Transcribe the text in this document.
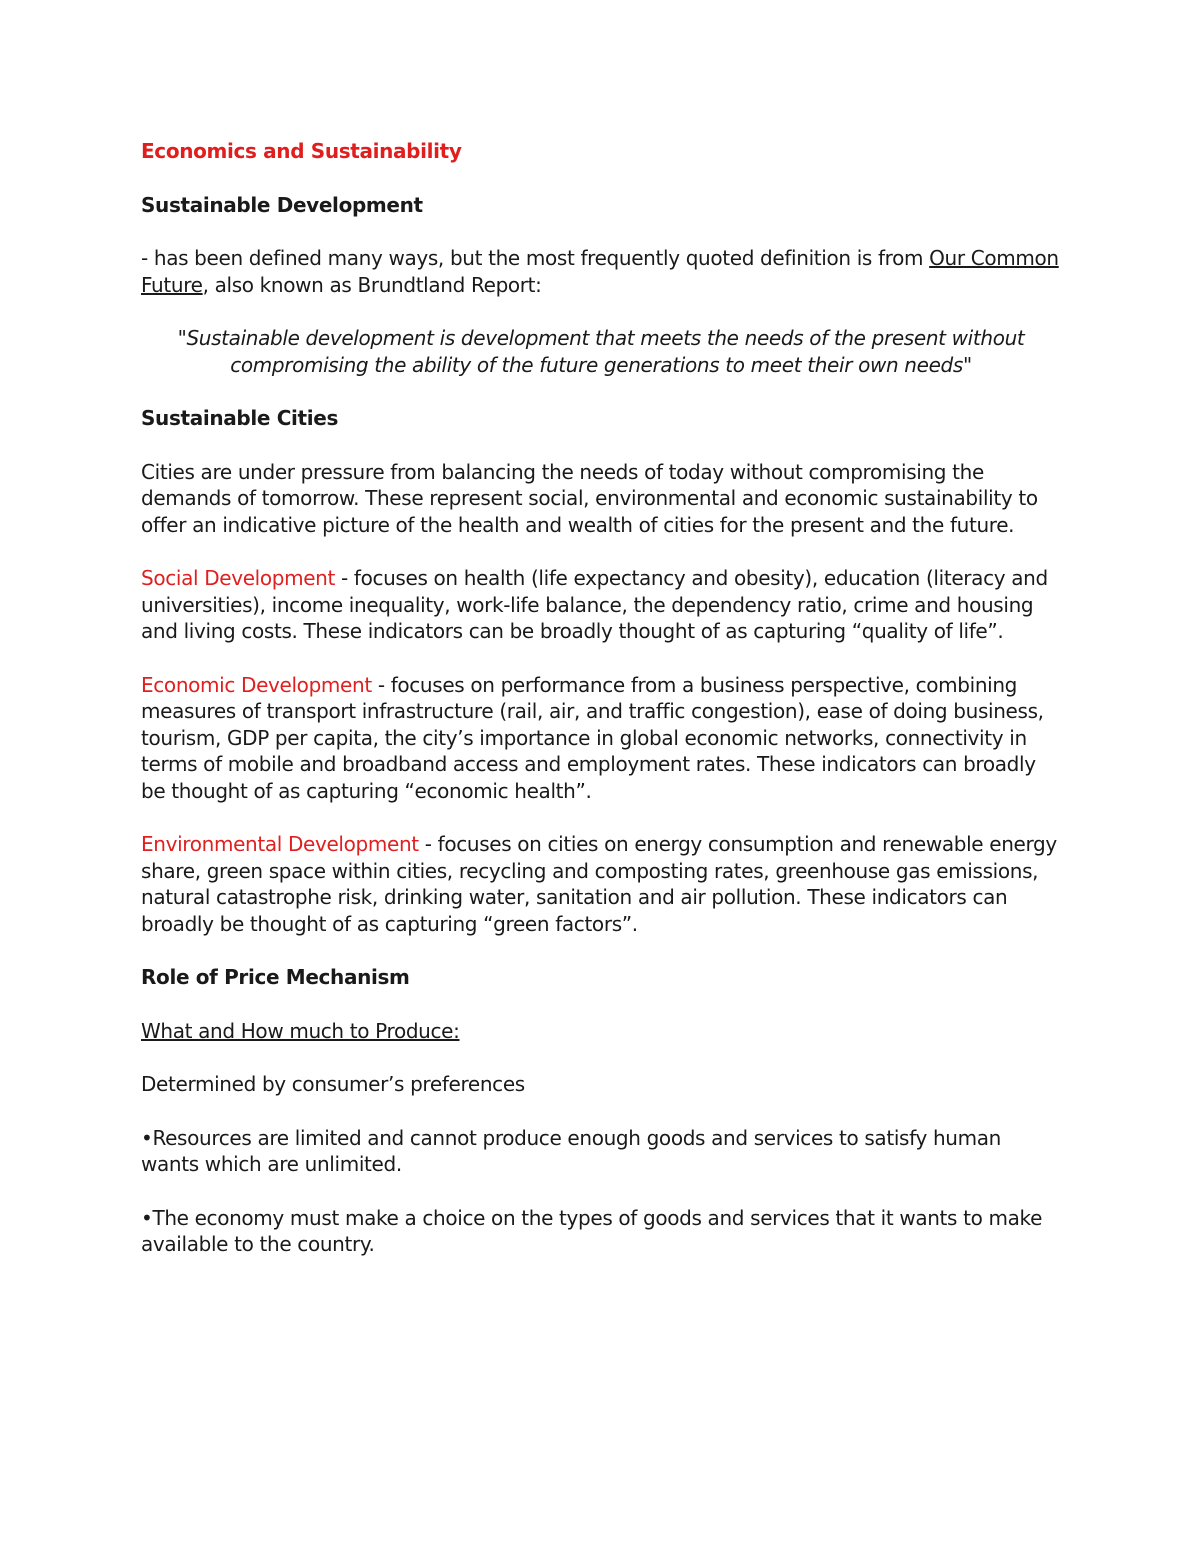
Economics and Sustainability

Sustainable Development

- has been defined many ways, but the most frequently quoted definition is from Our Common Future, also known as Brundtland Report:

"Sustainable development is development that meets the needs of the present without compromising the ability of the future generations to meet their own needs"

Sustainable Cities

Cities are under pressure from balancing the needs of today without compromising the demands of tomorrow. These represent social, environmental and economic sustainability to offer an indicative picture of the health and wealth of cities for the present and the future.

Social Development - focuses on health (life expectancy and obesity), education (literacy and universities), income inequality, work-life balance, the dependency ratio, crime and housing and living costs. These indicators can be broadly thought of as capturing “quality of life”.

Economic Development - focuses on performance from a business perspective, combining measures of transport infrastructure (rail, air, and traffic congestion), ease of doing business, tourism, GDP per capita, the city’s importance in global economic networks, connectivity in terms of mobile and broadband access and employment rates. These indicators can broadly be thought of as capturing “economic health”.

Environmental Development - focuses on cities on energy consumption and renewable energy share, green space within cities, recycling and composting rates, greenhouse gas emissions, natural catastrophe risk, drinking water, sanitation and air pollution. These indicators can broadly be thought of as capturing “green factors”.

Role of Price Mechanism

What and How much to Produce:

Determined by consumer’s preferences

•Resources are limited and cannot produce enough goods and services to satisfy human wants which are unlimited.

•The economy must make a choice on the types of goods and services that it wants to make available to the country.
